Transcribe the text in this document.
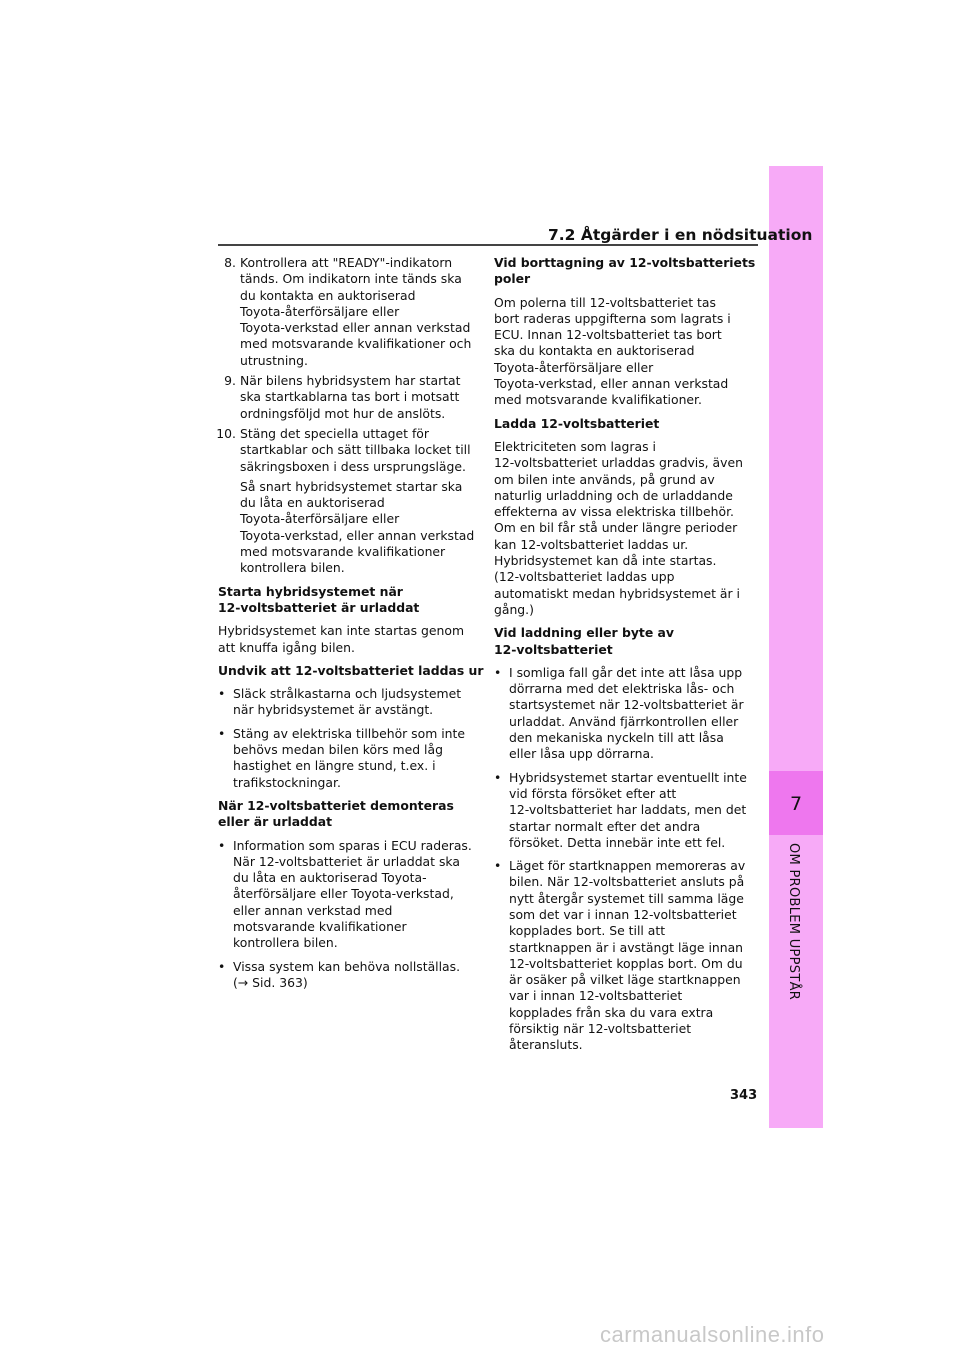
7
OM PROBLEM UPPSTÅR
7.2 Åtgärder i en nödsituation

8. Kontrollera att "READY"-indikatorn
tänds. Om indikatorn inte tänds ska
du kontakta en auktoriserad
Toyota-återförsäljare eller
Toyota-verkstad eller annan verkstad
med motsvarande kvalifikationer och
utrustning.

9. När bilens hybridsystem har startat
ska startkablarna tas bort i motsatt
ordningsföljd mot hur de anslöts.

10. Stäng det speciella uttaget för
startkablar och sätt tillbaka locket till
säkringsboxen i dess ursprungsläge.

Så snart hybridsystemet startar ska
du låta en auktoriserad
Toyota-återförsäljare eller
Toyota-verkstad, eller annan verkstad
med motsvarande kvalifikationer
kontrollera bilen.

Starta hybridsystemet när
12-voltsbatteriet är urladdat

Hybridsystemet kan inte startas genom
att knuffa igång bilen.

Undvik att 12-voltsbatteriet laddas ur

• Släck strålkastarna och ljudsystemet
när hybridsystemet är avstängt.

• Stäng av elektriska tillbehör som inte
behövs medan bilen körs med låg
hastighet en längre stund, t.ex. i
trafikstockningar.

När 12-voltsbatteriet demonteras
eller är urladdat

• Information som sparas i ECU raderas.
När 12-voltsbatteriet är urladdat ska
du låta en auktoriserad Toyota-
återförsäljare eller Toyota-verkstad,
eller annan verkstad med
motsvarande kvalifikationer
kontrollera bilen.

• Vissa system kan behöva nollställas.
(→ Sid. 363)

Vid borttagning av 12-voltsbatteriets
poler

Om polerna till 12-voltsbatteriet tas
bort raderas uppgifterna som lagrats i
ECU. Innan 12-voltsbatteriet tas bort
ska du kontakta en auktoriserad
Toyota-återförsäljare eller
Toyota-verkstad, eller annan verkstad
med motsvarande kvalifikationer.

Ladda 12-voltsbatteriet

Elektriciteten som lagras i
12-voltsbatteriet urladdas gradvis, även
om bilen inte används, på grund av
naturlig urladdning och de urladdande
effekterna av vissa elektriska tillbehör.
Om en bil får stå under längre perioder
kan 12-voltsbatteriet laddas ur.
Hybridsystemet kan då inte startas.
(12-voltsbatteriet laddas upp
automatiskt medan hybridsystemet är i
gång.)

Vid laddning eller byte av
12-voltsbatteriet

• I somliga fall går det inte att låsa upp
dörrarna med det elektriska lås- och
startsystemet när 12-voltsbatteriet är
urladdat. Använd fjärrkontrollen eller
den mekaniska nyckeln till att låsa
eller låsa upp dörrarna.

• Hybridsystemet startar eventuellt inte
vid första försöket efter att
12-voltsbatteriet har laddats, men det
startar normalt efter det andra
försöket. Detta innebär inte ett fel.

• Läget för startknappen memoreras av
bilen. När 12-voltsbatteriet ansluts på
nytt återgår systemet till samma läge
som det var i innan 12-voltsbatteriet
kopplades bort. Se till att
startknappen är i avstängt läge innan
12-voltsbatteriet kopplas bort. Om du
är osäker på vilket läge startknappen
var i innan 12-voltsbatteriet
kopplades från ska du vara extra
försiktig när 12-voltsbatteriet
återansluts.

343
carmanualsonline.info
